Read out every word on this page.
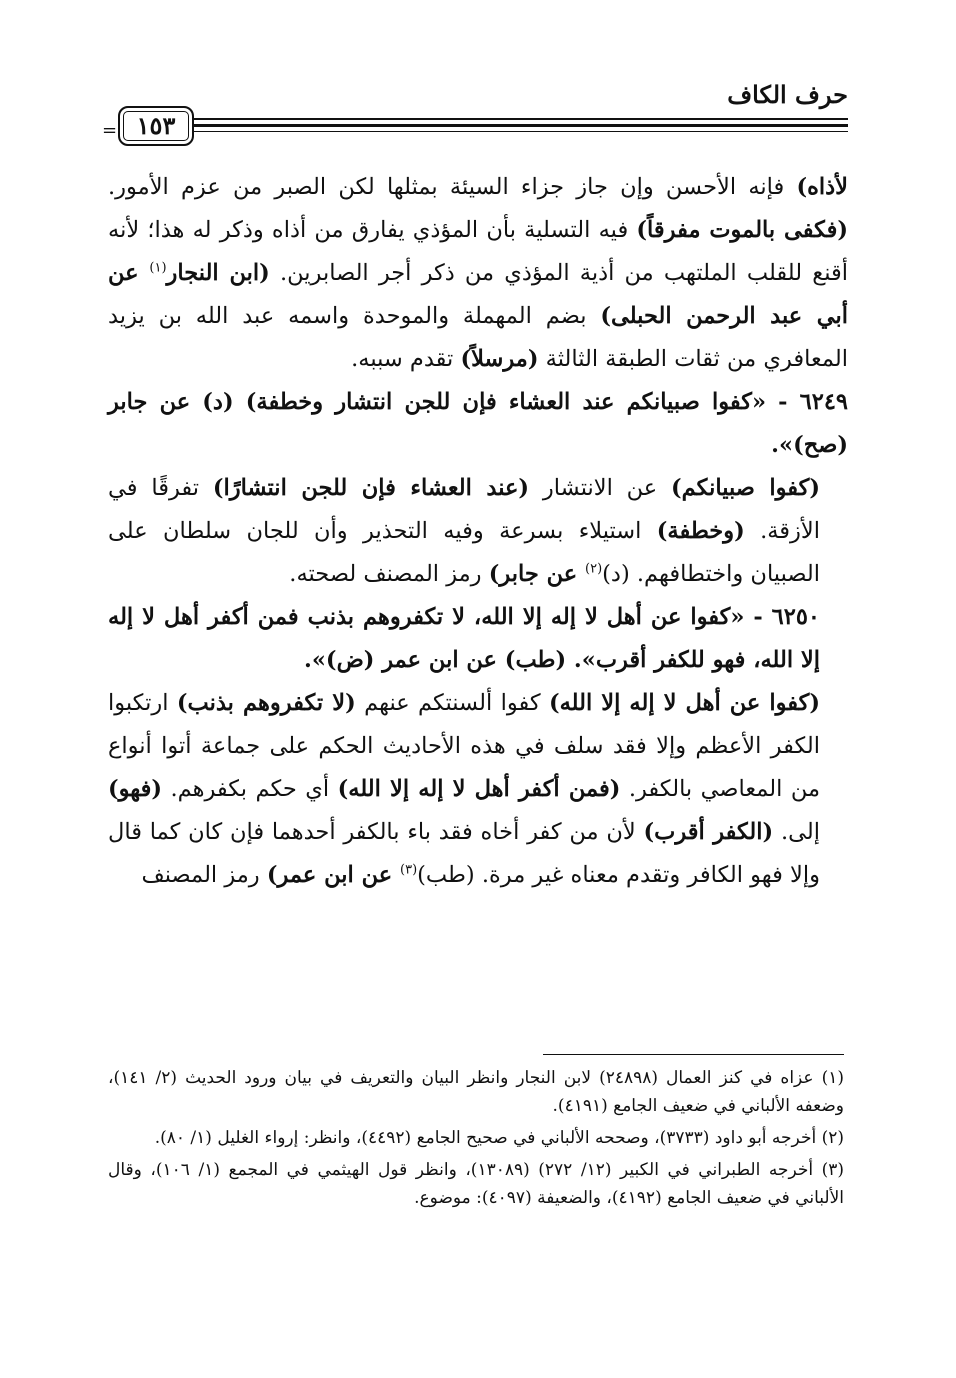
حرف الكاف
١٥٣
=

لأذاه) فإنه الأحسن وإن جاز جزاء السيئة بمثلها لكن الصبر من عزم الأمور. (فكفى بالموت مفرقاً) فيه التسلية بأن المؤذي يفارق من أذاه وذكر له هذا؛ لأنه أقنع للقلب الملتهب من أذية المؤذي من ذكر أجر الصابرين. (ابن النجار$^{(١)}$ عن أبي عبد الرحمن الحبلى) بضم المهملة والموحدة واسمه عبد الله بن يزيد المعافري من ثقات الطبقة الثالثة (مرسلاً) تقدم سببه.

٦٢٤٩ - «كفوا صبيانكم عند العشاء فإن للجن انتشار وخطفة) (د) عن جابر (صح)».

(كفوا صبيانكم) عن الانتشار (عند العشاء فإن للجن انتشارًا) تفرقًا في الأزقة. (وخطفة) استيلاء بسرعة وفيه التحذير وأن للجان سلطان على الصبيان واختطافهم. (د)$^{(٢)}$ عن جابر) رمز المصنف لصحته.

٦٢٥٠ - «كفوا عن أهل لا إله إلا الله، لا تكفروهم بذنب فمن أكفر أهل لا إله إلا الله، فهو للكفر أقرب». (طب) عن ابن عمر (ض)».

(كفوا عن أهل لا إله إلا الله) كفوا ألسنتكم عنهم (لا تكفروهم بذنب) ارتكبوا الكفر الأعظم وإلا فقد سلف في هذه الأحاديث الحكم على جماعة أتوا أنواع من المعاصي بالكفر. (فمن أكفر أهل لا إله إلا الله) أي حكم بكفرهم. (فهو) إلى. (الكفر أقرب) لأن من كفر أخاه فقد باء بالكفر أحدهما فإن كان كما قال وإلا فهو الكافر وتقدم معناه غير مرة. (طب)$^{(٣)}$ عن ابن عمر) رمز المصنف

(١) عزاه في كنز العمال (٢٤٨٩٨) لابن النجار وانظر البيان والتعريف في بيان ورود الحديث (٢/ ١٤١)، وضعفه الألباني في ضعيف الجامع (٤١٩١).

(٢) أخرجه أبو داود (٣٧٣٣)، وصححه الألباني في صحيح الجامع (٤٤٩٢)، وانظر: إرواء الغليل (١/ ٨٠).

(٣) أخرجه الطبراني في الكبير (١٢/ ٢٧٢) (١٣٠٨٩)، وانظر قول الهيثمي في المجمع (١/ ١٠٦)، وقال الألباني في ضعيف الجامع (٤١٩٢)، والضعيفة (٤٠٩٧): موضوع.
